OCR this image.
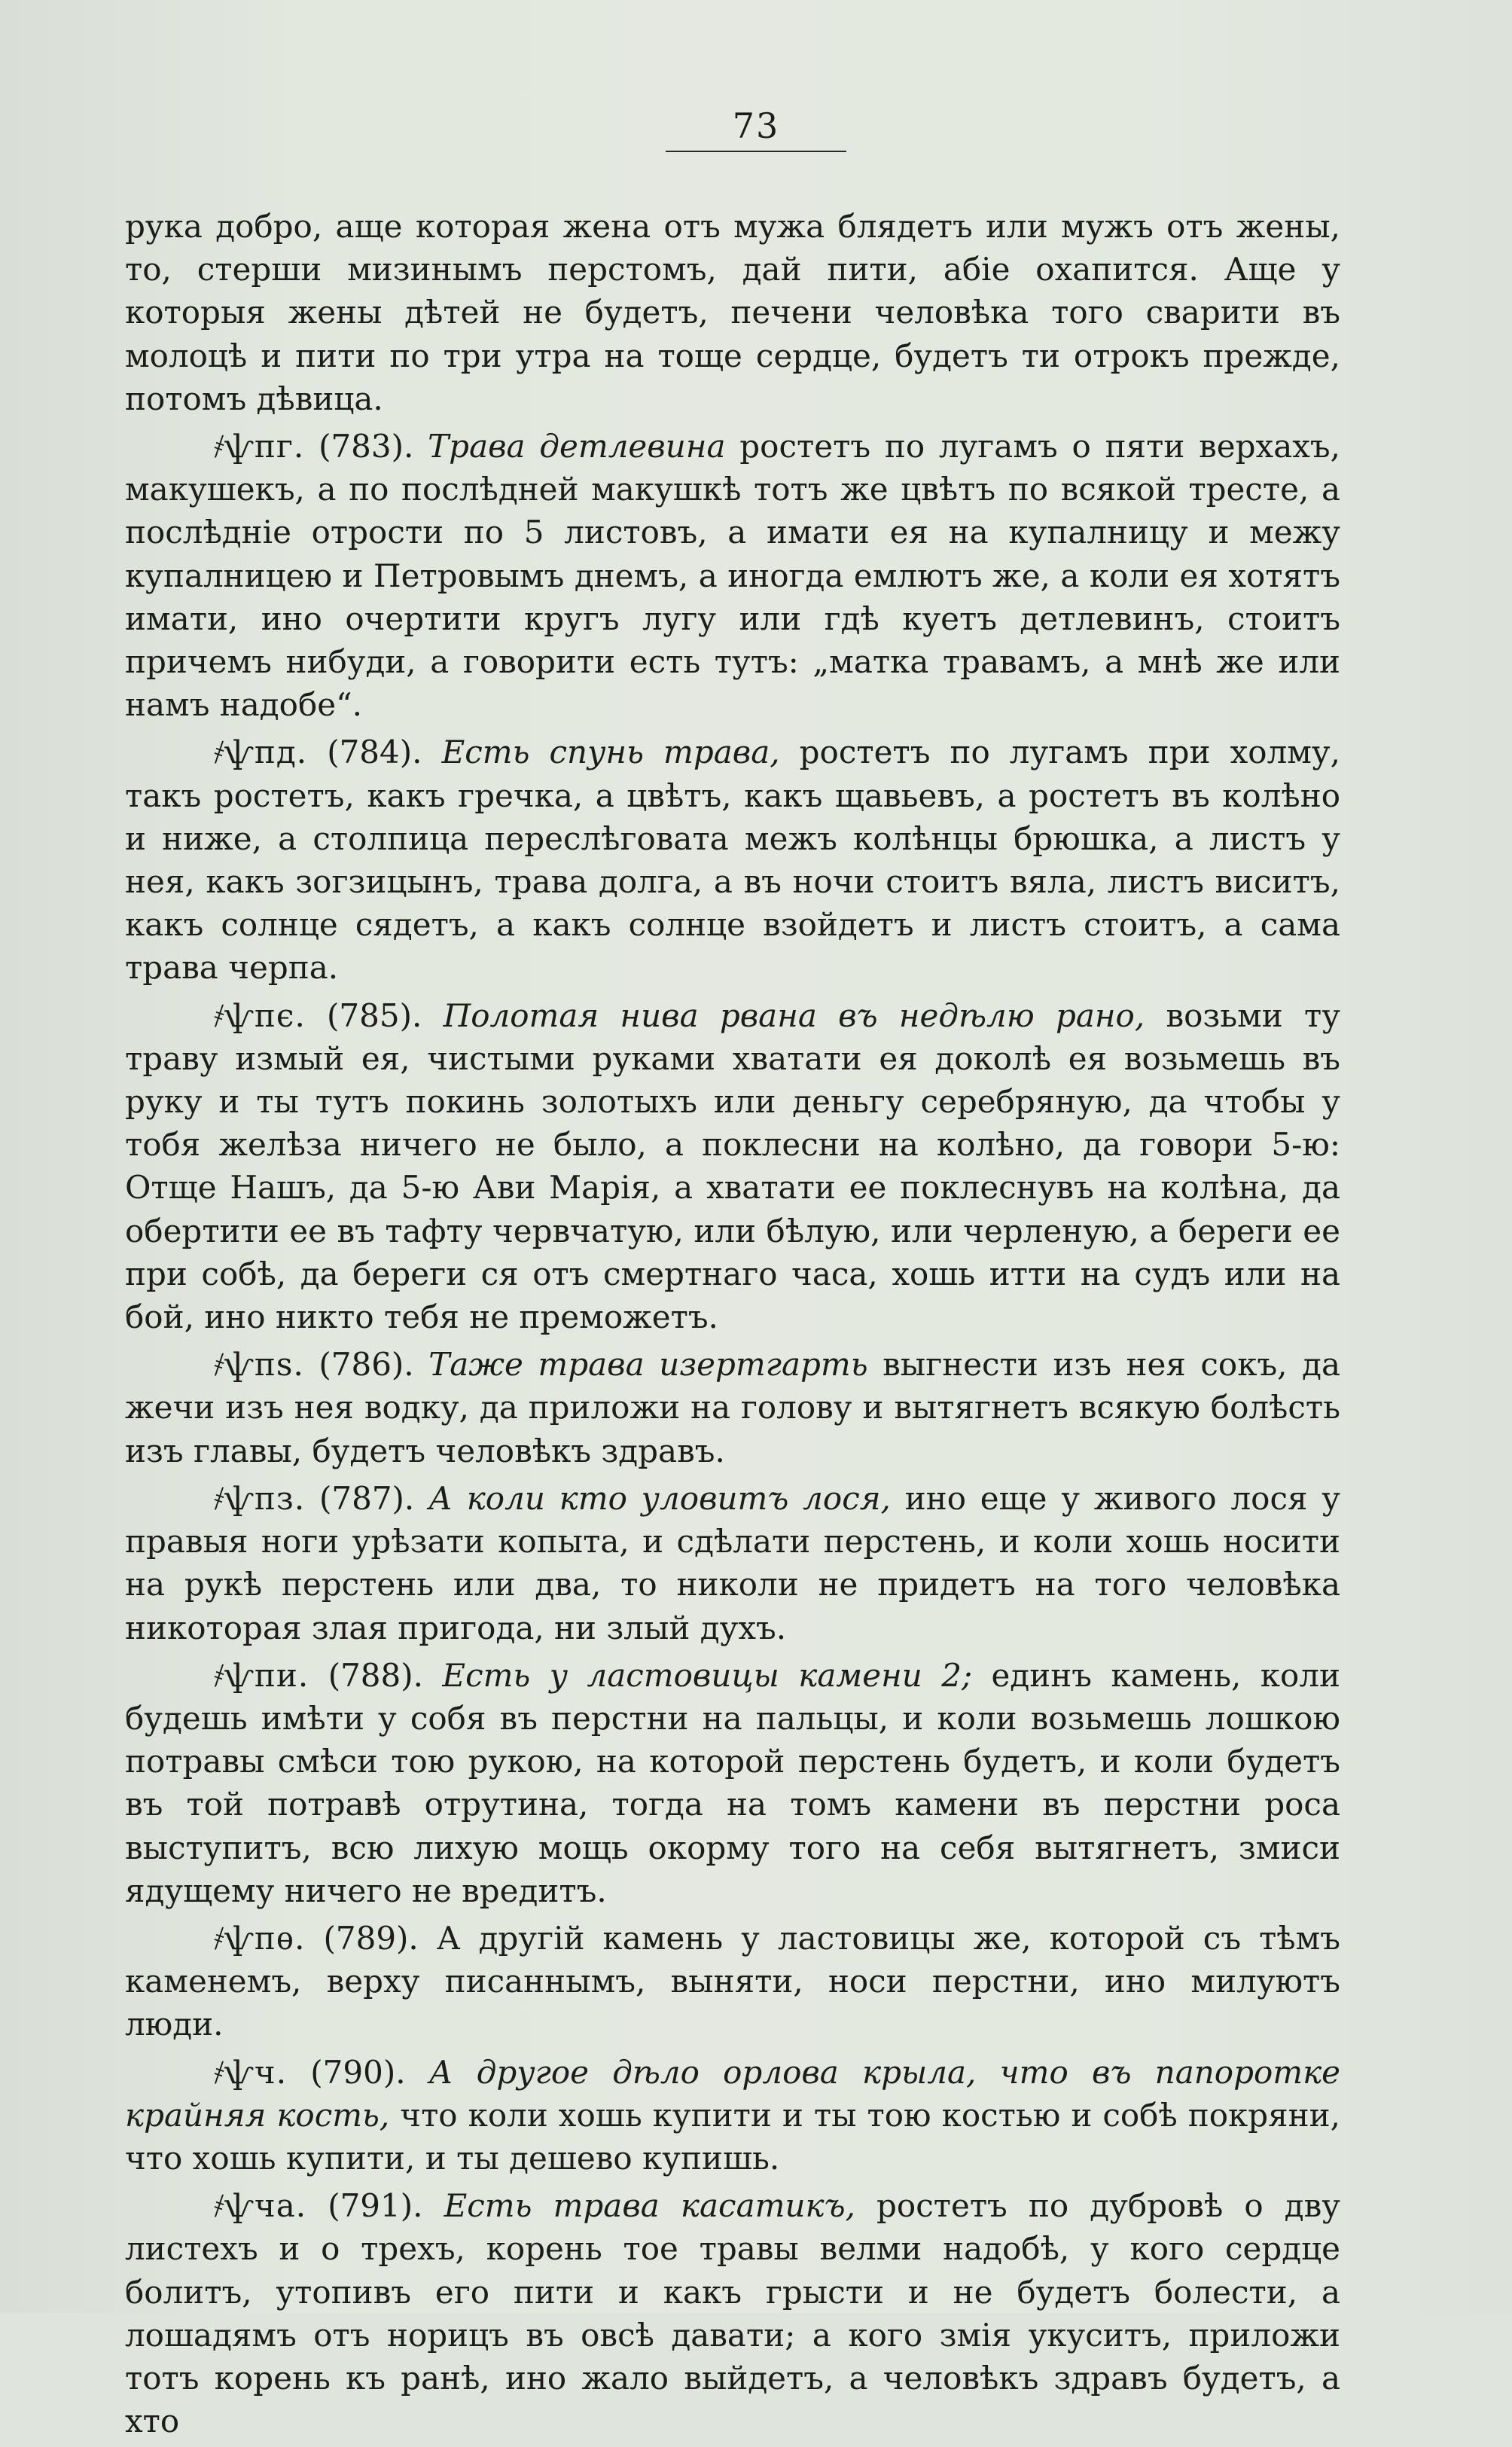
73

рука добро, аще которая жена отъ мужа блядетъ или мужъ отъ жены, то, стерши мизинымъ перстомъ, дай пити, абіе охапится. Аще у которыя жены дѣтей не будетъ, печени человѣка того сварити въ молоцѣ и пити по три утра на тоще сердце, будетъ ти отрокъ прежде, потомъ дѣвица.

҂ѱпг. (783). Трава детлевина ростетъ по лугамъ о пяти верхахъ, макушекъ, а по послѣдней макушкѣ тотъ же цвѣтъ по всякой тресте, а послѣдніе отрости по 5 листовъ, а имати ея на купалницу и межу купалницею и Петровымъ днемъ, а иногда емлютъ же, а коли ея хотятъ имати, ино очертити кругъ лугу или гдѣ куетъ детлевинъ, стоитъ причемъ нибуди, а говорити есть тутъ: „матка травамъ, а мнѣ же или намъ надобе“.

҂ѱпд. (784). Есть спунь трава, ростетъ по лугамъ при холму, такъ ростетъ, какъ гречка, а цвѣтъ, какъ щавьевъ, а ростетъ въ колѣно и ниже, а столпица переслѣговата межъ колѣнцы брюшка, а листъ у нея, какъ зогзицынъ, трава долга, а въ ночи стоитъ вяла, листъ виситъ, какъ солнце сядетъ, а какъ солнце взойдетъ и листъ стоитъ, а сама трава черпа.

҂ѱпє. (785). Полотая нива рвана въ недѣлю рано, возьми ту траву измый ея, чистыми руками хватати ея доколѣ ея возьмешь въ руку и ты тутъ покинь золотыхъ или деньгу серебряную, да чтобы у тобя желѣза ничего не было, а поклесни на колѣно, да говори 5-ю: Отще Нашъ, да 5-ю Ави Марія, а хватати ее поклеснувъ на колѣна, да обертити ее въ тафту червчатую, или бѣлую, или черленую, а береги ее при собѣ, да береги ся отъ смертнаго часа, хошь итти на судъ или на бой, ино никто тебя не преможетъ.

҂ѱпѕ. (786). Таже трава изертгарть выгнести изъ нея сокъ, да жечи изъ нея водку, да приложи на голову и вытягнетъ всякую болѣсть изъ главы, будетъ человѣкъ здравъ.

҂ѱпз. (787). А коли кто уловитъ лося, ино еще у живого лося у правыя ноги урѣзати копыта, и сдѣлати перстень, и коли хошь носити на рукѣ перстень или два, то николи не придетъ на того человѣка никоторая злая пригода, ни злый духъ.

҂ѱпи. (788). Есть у ластовицы камени 2; единъ камень, коли будешь имѣти у собя въ перстни на пальцы, и коли возьмешь лошкою потравы смѣси тою рукою, на которой перстень будетъ, и коли будетъ въ той потравѣ отрутина, тогда на томъ камени въ перстни роса выступитъ, всю лихую мощь окорму того на себя вытягнетъ, змиси ядущему ничего не вредитъ.

҂ѱпѳ. (789). А другій камень у ластовицы же, которой съ тѣмъ каменемъ, верху писаннымъ, выняти, носи перстни, ино милуютъ люди.

҂ѱч. (790). А другое дѣло орлова крыла, что въ папоротке крайняя кость, что коли хошь купити и ты тою костью и собѣ покряни, что хошь купити, и ты дешево купишь.

҂ѱча. (791). Есть трава касатикъ, ростетъ по дубровѣ о дву листехъ и о трехъ, корень тое травы велми надобѣ, у кого сердце болитъ, утопивъ его пити и какъ грысти и не будетъ болести, а лошадямъ отъ норицъ въ овсѣ давати; а кого змія укуситъ, приложи тотъ корень къ ранѣ, ино жало выйдетъ, а человѣкъ здравъ будетъ, а хто
